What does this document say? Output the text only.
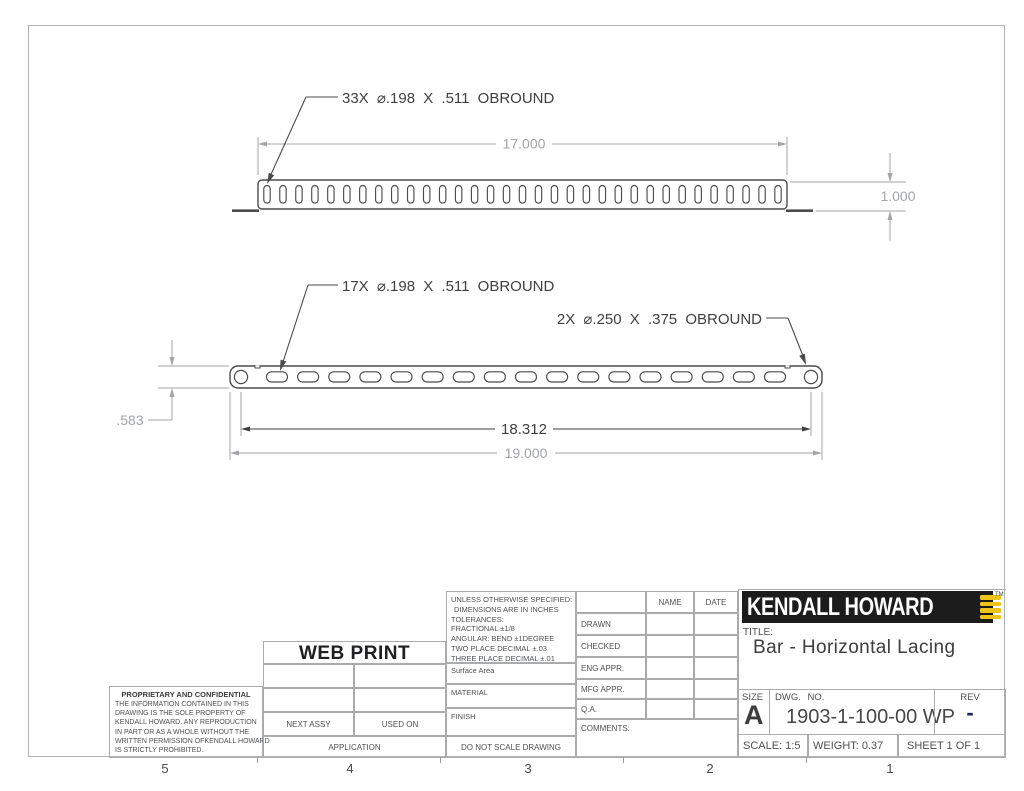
17.000
1.000
33X ⌀.198 X .511 OBROUND
17X ⌀.198 X .511 OBROUND
2X ⌀.250 X .375 OBROUND
.583
18.312
19.000
PROPRIETARY AND CONFIDENTIAL
THE INFORMATION CONTAINED IN THIS
DRAWING IS THE SOLE PROPERTY OF
KENDALL HOWARD. ANY REPRODUCTION
IN PART OR AS A WHOLE WITHOUT THE
WRITTEN PERMISSION OFKENDALL HOWARD
IS STRICTLY PROHIBITED.
WEB PRINT
NEXT ASSY	USED ON
APPLICATION
UNLESS OTHERWISE SPECIFIED:
DIMENSIONS ARE IN INCHES
TOLERANCES:
FRACTIONAL ±1/8
ANGULAR: BEND ±1DEGREE
TWO PLACE DECIMAL ±.03
THREE PLACE DECIMAL ±.01
Surface Area
MATERIAL
FINISH
DO NOT SCALE DRAWING
NAME	DATE
DRAWN
CHECKED
ENG APPR.
MFG APPR.
Q.A.
COMMENTS:
KENDALL HOWARD	TM
TITLE:
Bar - Horizontal Lacing
SIZE
A
DWG. NO.
1903-1-100-00 WP
REV
-
SCALE: 1:5 WEIGHT: 0.37 SHEET 1 OF 1
5	4	3	2	1
